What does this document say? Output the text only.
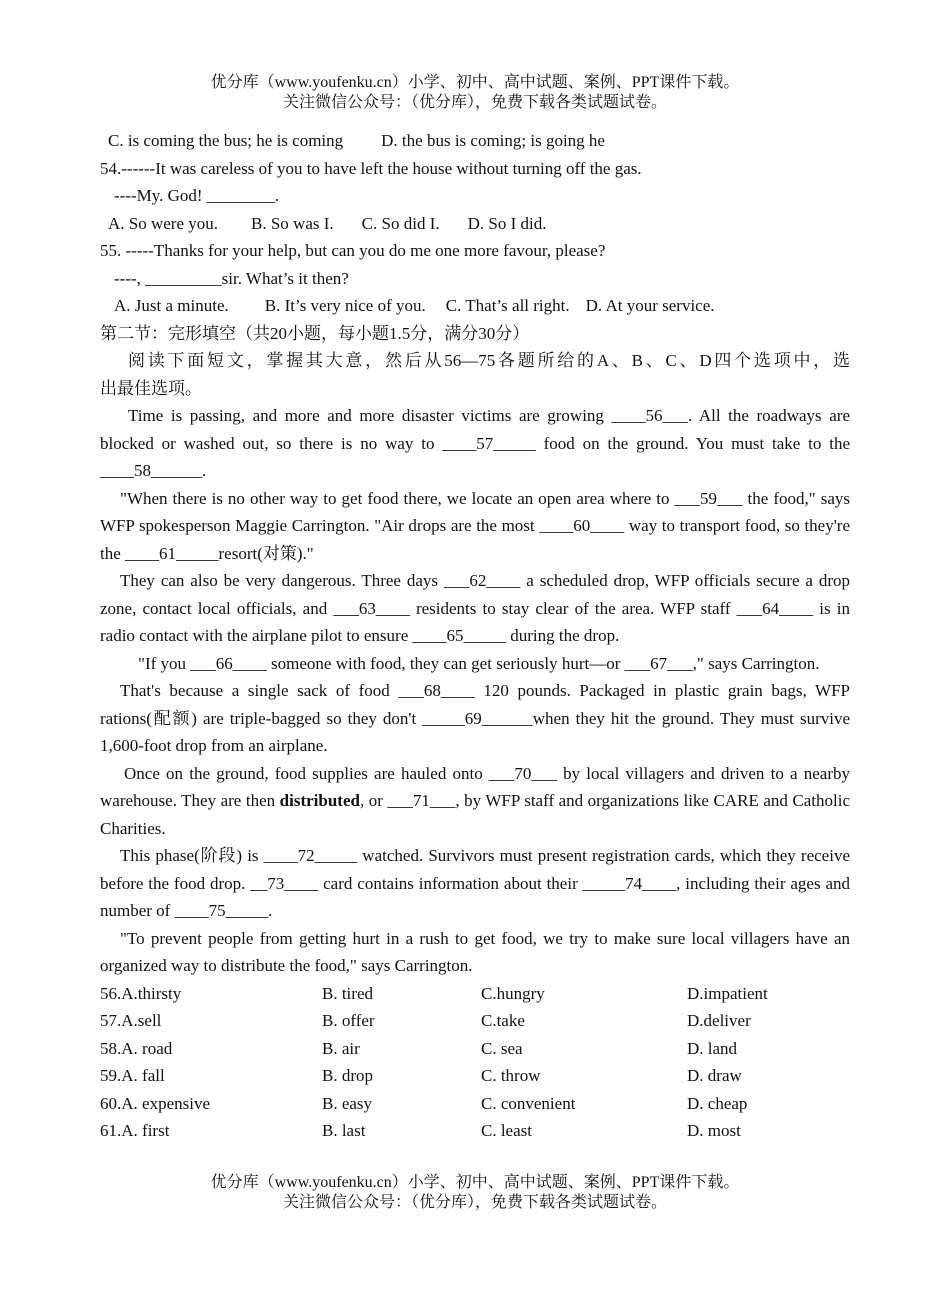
优分库（www.youfenku.cn）小学、初中、高中试题、案例、PPT课件下载。
关注微信公众号：（优分库），免费下载各类试题试卷。
C. is coming the bus; he is coming D. the bus is coming; is going he
54.------It was careless of you to have left the house without turning off the gas.
----My. God! ________.
A. So were you. B. So was I. C. So did I. D. So I did.
55. -----Thanks for your help, but can you do me one more favour, please?
----, _________sir. What’s it then?
A. Just a minute. B. It’s very nice of you. C. That’s all right. D. At your service.
第二节：完形填空（共20小题，每小题1.5分，满分30分）
阅读下面短文，掌握其大意，然后从56—75各题所给的A、B、C、D四个选项中，选
出最佳选项。
Time is passing, and more and more disaster victims are growing ____56___. All the roadways are blocked or washed out, so there is no way to ____57_____ food on the ground. You must take to the ____58______.
"When there is no other way to get food there, we locate an open area where to ___59___ the food," says WFP spokesperson Maggie Carrington. "Air drops are the most ____60____ way to transport food, so they're the ____61_____resort(对策)."
They can also be very dangerous. Three days ___62____ a scheduled drop, WFP officials secure a drop zone, contact local officials, and ___63____ residents to stay clear of the area. WFP staff ___64____ is in radio contact with the airplane pilot to ensure ____65_____ during the drop.
"If you ___66____ someone with food, they can get seriously hurt—or ___67___," says Carrington.
That's because a single sack of food ___68____ 120 pounds. Packaged in plastic grain bags, WFP rations(配额) are triple-bagged so they don't _____69______when they hit the ground. They must survive 1,600-foot drop from an airplane.
Once on the ground, food supplies are hauled onto ___70___ by local villagers and driven to a nearby warehouse. They are then distributed, or ___71___, by WFP staff and organizations like CARE and Catholic Charities.
This phase(阶段) is ____72_____ watched. Survivors must present registration cards, which they receive before the food drop. __73____ card contains information about their _____74____, including their ages and number of ____75_____.
"To prevent people from getting hurt in a rush to get food, we try to make sure local villagers have an organized way to distribute the food," says Carrington.
56.A.thirsty	B. tired	C.hungry	D.impatient
57.A.sell	B. offer	C.take	D.deliver
58.A. road	B. air	C. sea	D. land
59.A. fall	B. drop	C. throw	D. draw
60.A. expensive	B. easy	C. convenient	D. cheap
61.A. first	B. last	C. least	D. most
优分库（www.youfenku.cn）小学、初中、高中试题、案例、PPT课件下载。
关注微信公众号：（优分库），免费下载各类试题试卷。
